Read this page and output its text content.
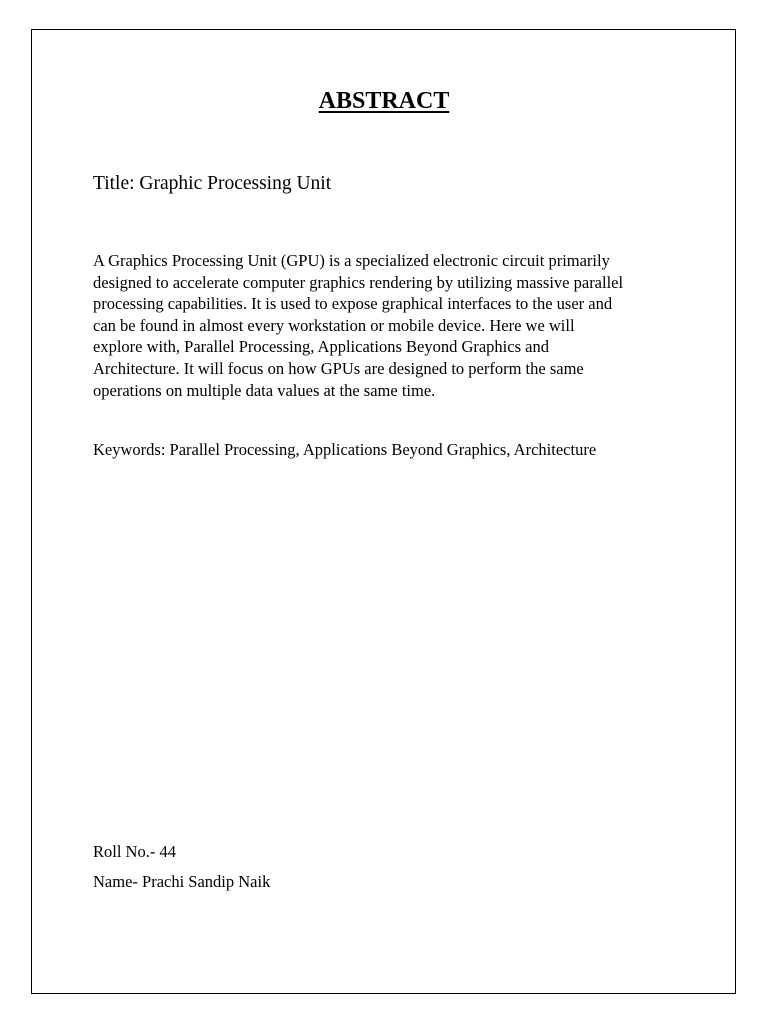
ABSTRACT

Title: Graphic Processing Unit

A Graphics Processing Unit (GPU) is a specialized electronic circuit primarily
designed to accelerate computer graphics rendering by utilizing massive parallel
processing capabilities. It is used to expose graphical interfaces to the user and
can be found in almost every workstation or mobile device. Here we will
explore with, Parallel Processing, Applications Beyond Graphics and
Architecture. It will focus on how GPUs are designed to perform the same
operations on multiple data values at the same time.

Keywords: Parallel Processing, Applications Beyond Graphics, Architecture

Roll No.- 44

Name- Prachi Sandip Naik
